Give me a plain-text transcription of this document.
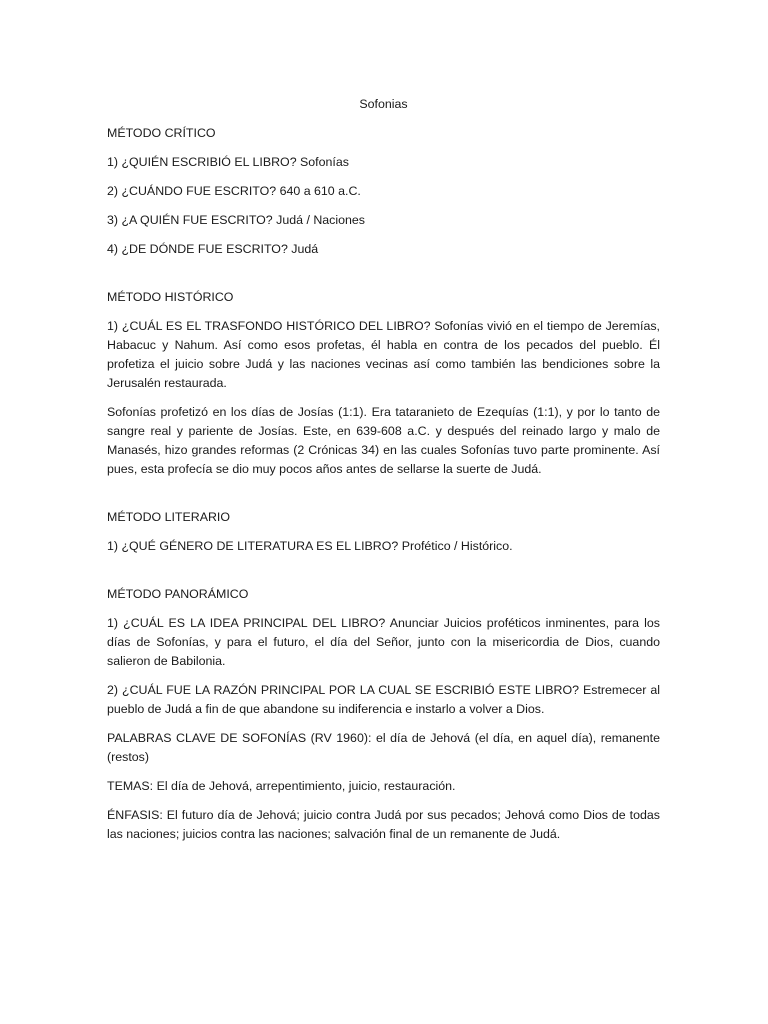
Sofonias

MÉTODO CRÍTICO

1) ¿QUIÉN ESCRIBIÓ EL LIBRO? Sofonías

2) ¿CUÁNDO FUE ESCRITO? 640 a 610 a.C.

3) ¿A QUIÉN FUE ESCRITO? Judá / Naciones

4) ¿DE DÓNDE FUE ESCRITO? Judá

MÉTODO HISTÓRICO

1) ¿CUÁL ES EL TRASFONDO HISTÓRICO DEL LIBRO? Sofonías vivió en el tiempo de Jeremías, Habacuc y Nahum. Así como esos profetas, él habla en contra de los pecados del pueblo. Él profetiza el juicio sobre Judá y las naciones vecinas así como también las bendiciones sobre la Jerusalén restaurada.

Sofonías profetizó en los días de Josías (1:1). Era tataranieto de Ezequías (1:1), y por lo tanto de sangre real y pariente de Josías. Este, en 639-608 a.C. y después del reinado largo y malo de Manasés, hizo grandes reformas (2 Crónicas 34) en las cuales Sofonías tuvo parte prominente. Así pues, esta profecía se dio muy pocos años antes de sellarse la suerte de Judá.

MÉTODO LITERARIO

1) ¿QUÉ GÉNERO DE LITERATURA ES EL LIBRO? Profético / Histórico.

MÉTODO PANORÁMICO

1) ¿CUÁL ES LA IDEA PRINCIPAL DEL LIBRO? Anunciar Juicios proféticos inminentes, para los días de Sofonías, y para el futuro, el día del Señor, junto con la misericordia de Dios, cuando salieron de Babilonia.

2) ¿CUÁL FUE LA RAZÓN PRINCIPAL POR LA CUAL SE ESCRIBIÓ ESTE LIBRO? Estremecer al pueblo de Judá a fin de que abandone su indiferencia e instarlo a volver a Dios.

PALABRAS CLAVE DE SOFONÍAS (RV 1960): el día de Jehová (el día, en aquel día), remanente (restos)

TEMAS: El día de Jehová, arrepentimiento, juicio, restauración.

ÉNFASIS: El futuro día de Jehová; juicio contra Judá por sus pecados; Jehová como Dios de todas las naciones; juicios contra las naciones; salvación final de un remanente de Judá.
